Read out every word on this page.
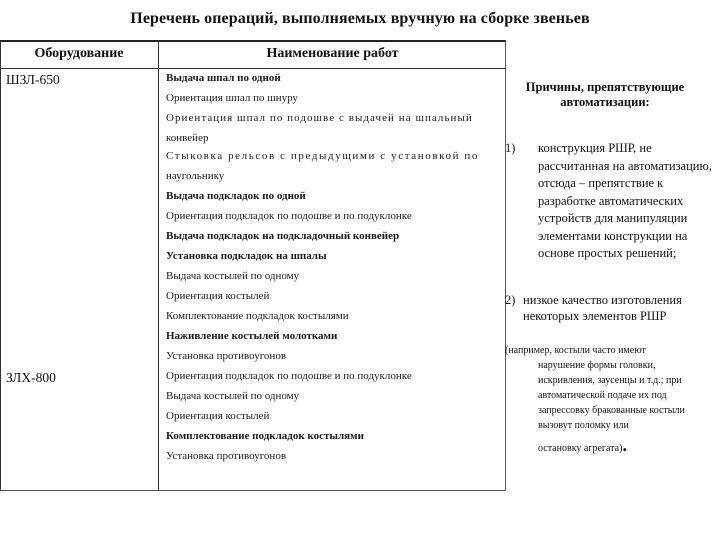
Перечень операций, выполняемых вручную на сборке звеньев
Оборудование	Наименование работ
ШЗЛ-650
ЗЛХ-800
Выдача шпал по одной
Ориентация шпал по шнуру
Ориентация шпал по подошве с выдачей на шпальный
конвейер
Стыковка рельсов с предыдущими с установкой по
наугольнику
Выдача подкладок по одной
Ориентация подкладок по подошве и по подуклонке
Выдача подкладок на подкладочный конвейер
Установка подкладок на шпалы
Выдача костылей по одному
Ориентация костылей
Комплектование подкладок костылями
Наживление костылей молотками
Установка противоугонов
Ориентация подкладок по подошве и по подуклонке
Выдача костылей по одному
Ориентация костылей
Комплектование подкладок костылями
Установка противоугонов
Причины, препятствующие
автоматизации:
1) конструкция РШР, не рассчитанная на автоматизацию, отсюда – препятствие к разработке автоматических устройств для манипуляции элементами конструкции на основе простых решений;
2) низкое качество изготовления некоторых элементов РШР
(например, костыли часто имеют
нарушение формы головки, искривления, заусенцы и т.д.; при автоматической подаче их под запрессовку бракованные костыли вызовут поломку или
остановку агрегата).
